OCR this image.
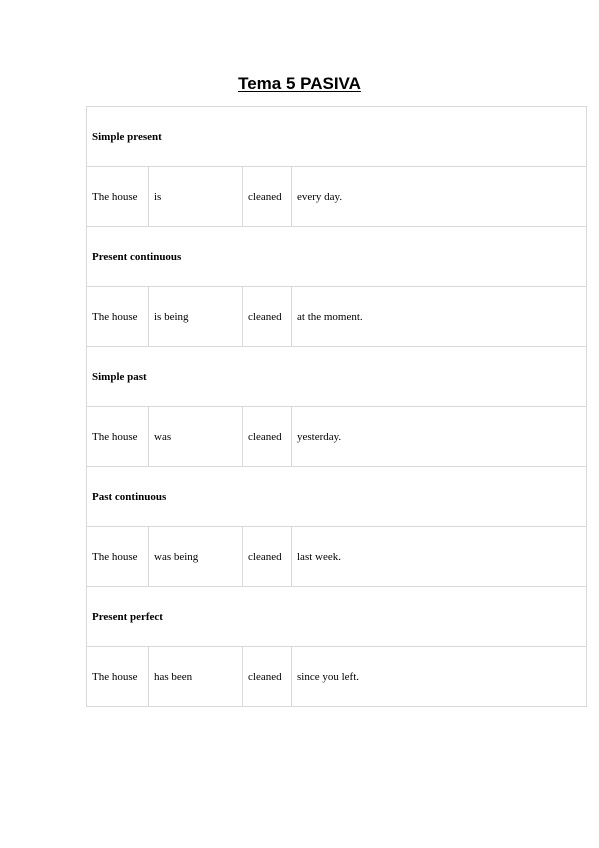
Tema 5 PASIVA
Simple present			
The house	is	cleaned	every day.
Present continuous			
The house	is being	cleaned	at the moment.
Simple past			
The house	was	cleaned	yesterday.
Past continuous			
The house	was being	cleaned	last week.
Present perfect			
The house	has been	cleaned	since you left.
